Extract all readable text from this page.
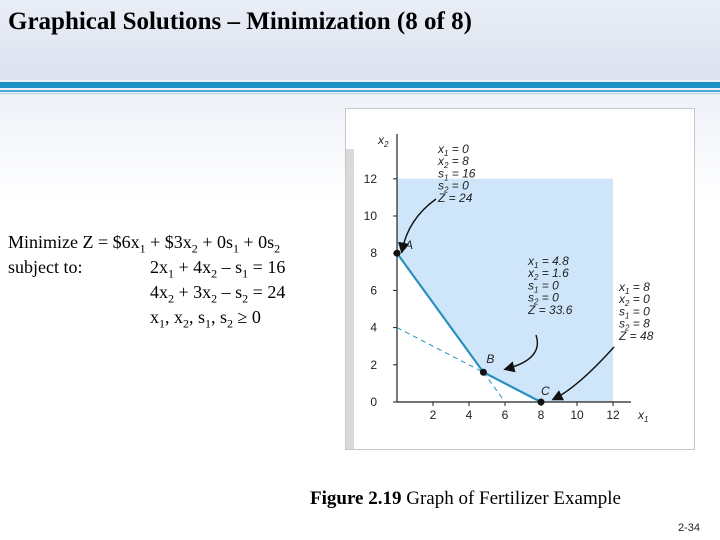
Graphical Solutions – Minimization (8 of 8)
Minimize $Z = \$6x_1$ + $\$3x_2 + 0s_1 + 0s_2$
subject to:	$2x_1 + 4x_2 - s_1 = 16$
$4x_2 + 3x_2 - s_2 = 24$
$x_1$, $x_2$, $s_1$, $s_2 \ge 0$
2 4 6 8 10 12
0
2
4
6
8
10
12
$x_2$
$x_1$
A
B
C
$x_1 = 0$
$x_2 = 8$
$s_1 = 16$
$s_2 = 0$
Z = 24
$x_1 = 4.8$
$x_2 = 1.6$
$s_1 = 0$
$s_2 = 0$
Z = 33.6
$x_1 = 8$
$x_2 = 0$
$s_1 = 0$
$s_2 = 8$
Z = 48
Figure 2.19 Graph of Fertilizer Example
2-34
